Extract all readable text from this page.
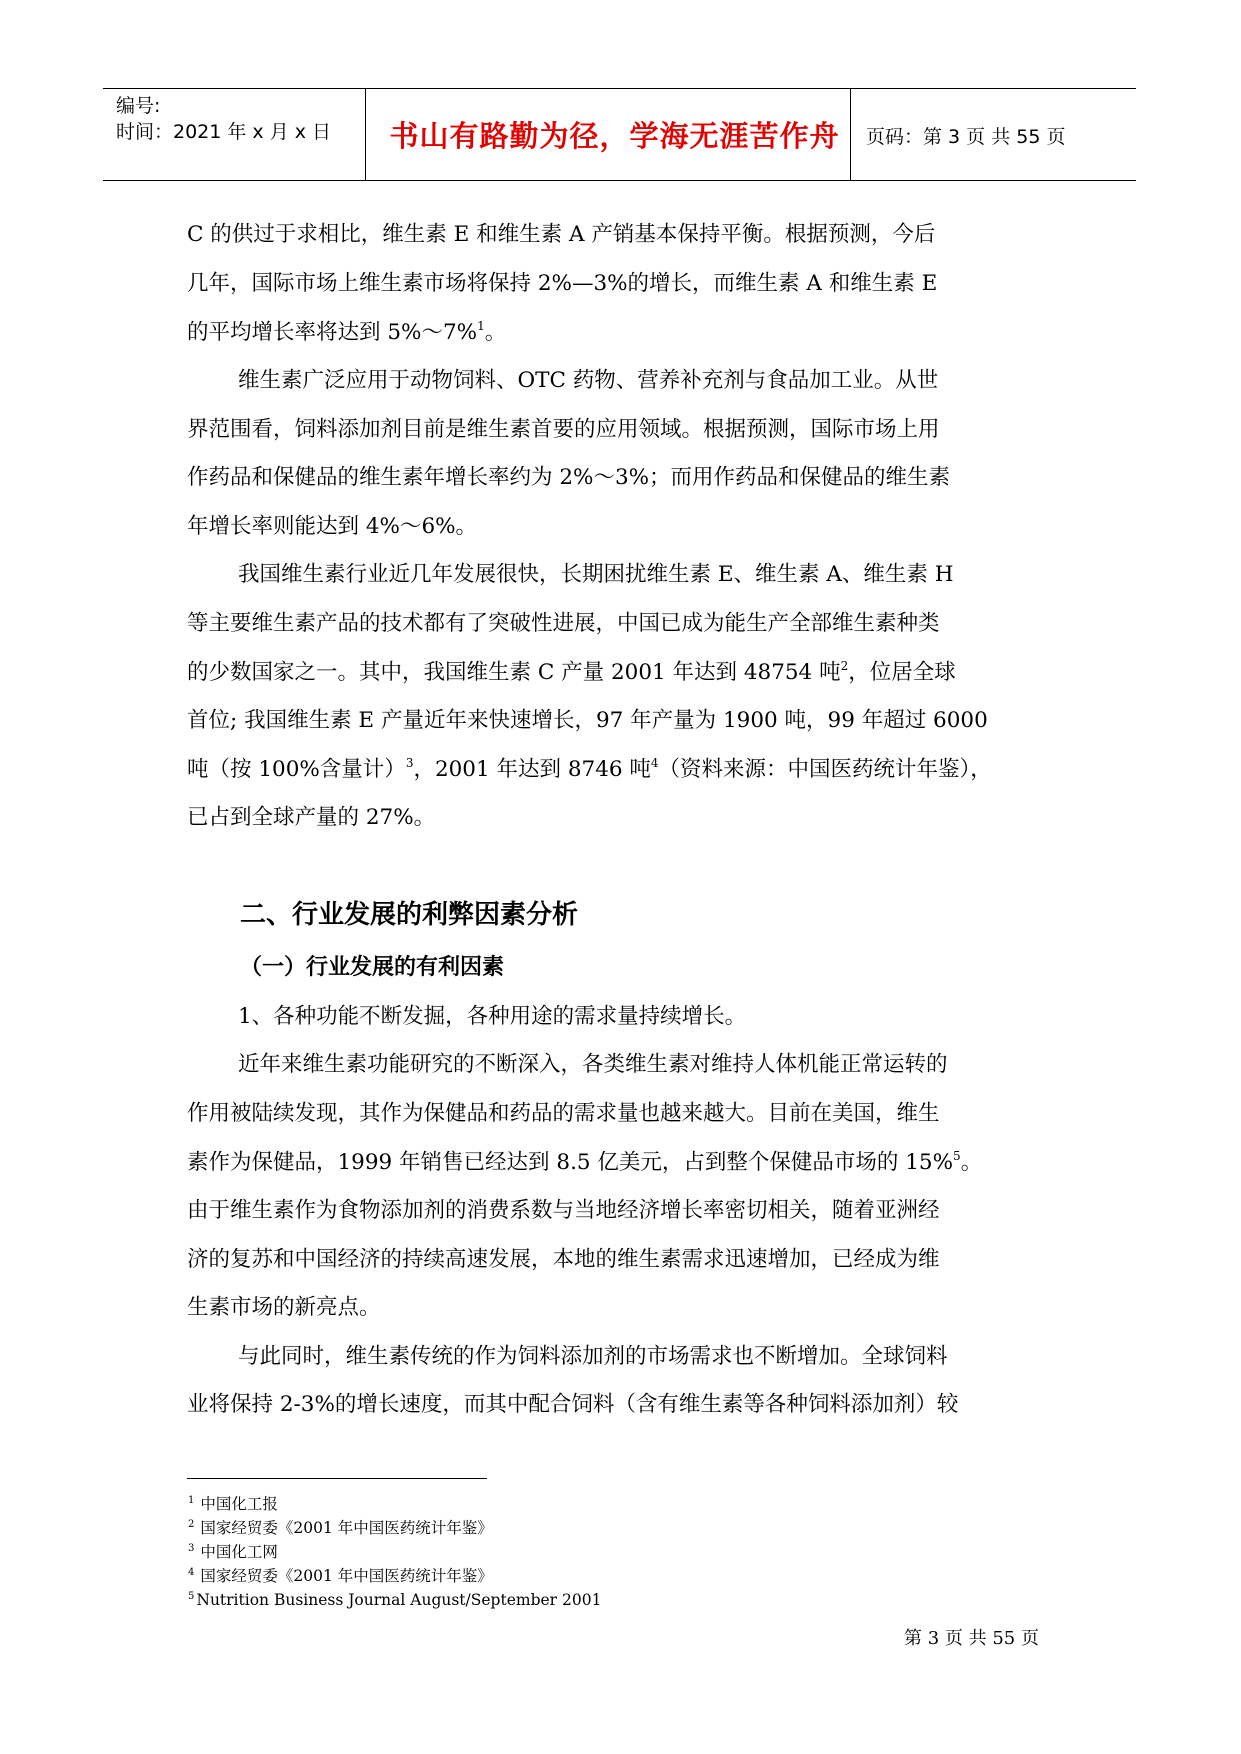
编号:
时间：2021 年 x 月 x 日	书山有路勤为径，学海无涯苦作舟	页码：第 3 页 共 55 页
C 的供过于求相比，维生素 E 和维生素 A 产销基本保持平衡。根据预测，今后
几年，国际市场上维生素市场将保持 2%—3%的增长，而维生素 A 和维生素 E
的平均增长率将达到 5%～7%$^1$。
维生素广泛应用于动物饲料、OTC 药物、营养补充剂与食品加工业。从世
界范围看，饲料添加剂目前是维生素首要的应用领域。根据预测，国际市场上用
作药品和保健品的维生素年增长率约为 2%～3%；而用作药品和保健品的维生素
年增长率则能达到 4%～6%。
我国维生素行业近几年发展很快，长期困扰维生素 E、维生素 A、维生素 H
等主要维生素产品的技术都有了突破性进展，中国已成为能生产全部维生素种类
的少数国家之一。其中，我国维生素 C 产量 2001 年达到 48754 吨$^2$，位居全球
首位; 我国维生素 E 产量近年来快速增长，97 年产量为 1900 吨，99 年超过 6000
吨（按 100%含量计）$^3$，2001 年达到 8746 吨$^4$（资料来源：中国医药统计年鉴），
已占到全球产量的 27%。
二、行业发展的利弊因素分析
（一）行业发展的有利因素
1、各种功能不断发掘，各种用途的需求量持续增长。
近年来维生素功能研究的不断深入，各类维生素对维持人体机能正常运转的
作用被陆续发现，其作为保健品和药品的需求量也越来越大。目前在美国，维生
素作为保健品，1999 年销售已经达到 8.5 亿美元，占到整个保健品市场的 15%$^5$。
由于维生素作为食物添加剂的消费系数与当地经济增长率密切相关，随着亚洲经
济的复苏和中国经济的持续高速发展，本地的维生素需求迅速增加，已经成为维
生素市场的新亮点。
与此同时，维生素传统的作为饲料添加剂的市场需求也不断增加。全球饲料
业将保持 2-3%的增长速度，而其中配合饲料（含有维生素等各种饲料添加剂）较
$^1$ 中国化工报
$^2$ 国家经贸委《2001 年中国医药统计年鉴》
$^3$ 中国化工网
$^4$ 国家经贸委《2001 年中国医药统计年鉴》
$^5$ Nutrition Business Journal August/September 2001
第 3 页 共 55 页
